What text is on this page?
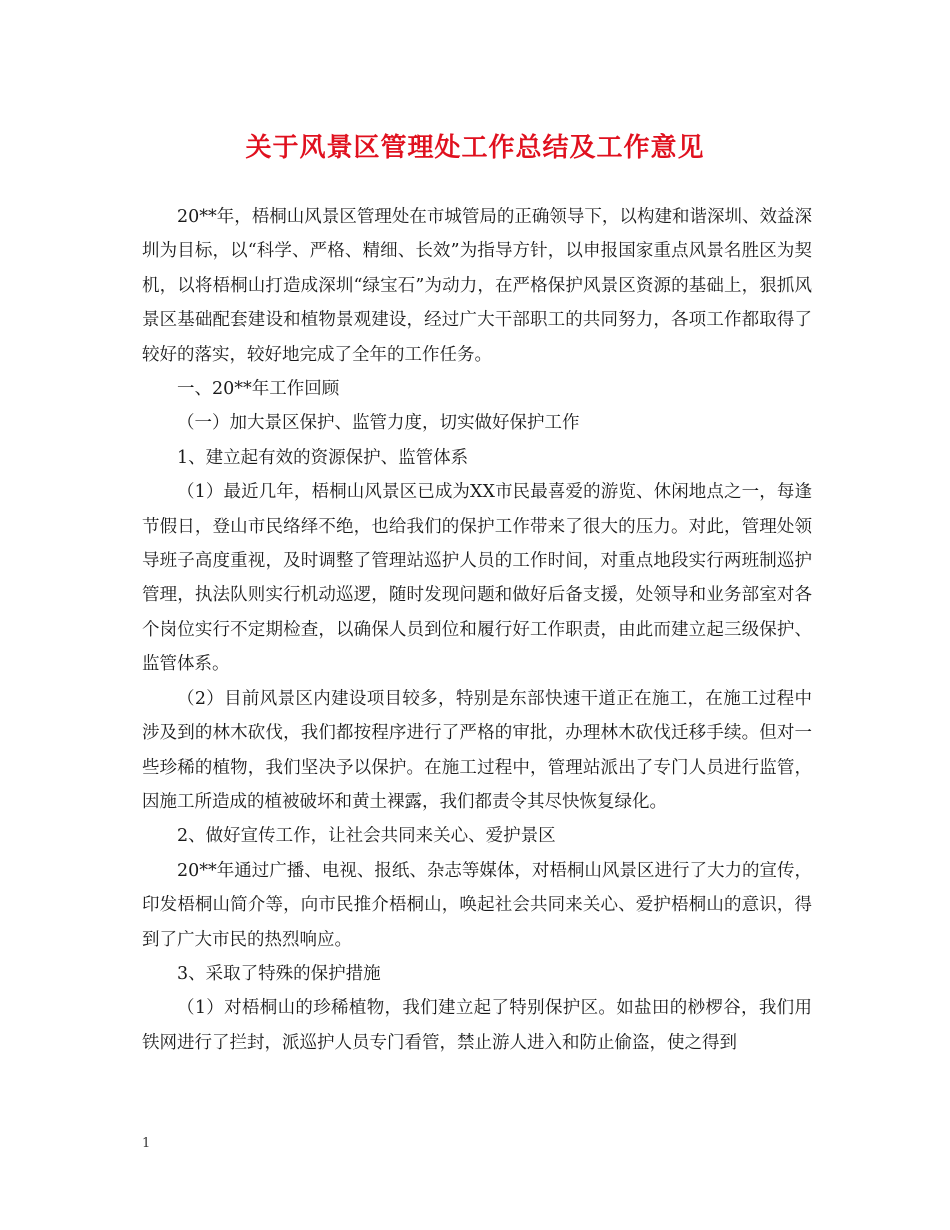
关于风景区管理处工作总结及工作意见

20**年，梧桐山风景区管理处在市城管局的正确领导下，以构建和谐深圳、效益深圳为目标，以“科学、严格、精细、长效”为指导方针，以申报国家重点风景名胜区为契机，以将梧桐山打造成深圳“绿宝石”为动力，在严格保护风景区资源的基础上，狠抓风景区基础配套建设和植物景观建设，经过广大干部职工的共同努力，各项工作都取得了较好的落实，较好地完成了全年的工作任务。

一、20**年工作回顾

（一）加大景区保护、监管力度，切实做好保护工作

1、建立起有效的资源保护、监管体系

（1）最近几年，梧桐山风景区已成为XX市民最喜爱的游览、休闲地点之一，每逢节假日，登山市民络绎不绝，也给我们的保护工作带来了很大的压力。对此，管理处领导班子高度重视，及时调整了管理站巡护人员的工作时间，对重点地段实行两班制巡护管理，执法队则实行机动巡逻，随时发现问题和做好后备支援，处领导和业务部室对各个岗位实行不定期检查，以确保人员到位和履行好工作职责，由此而建立起三级保护、监管体系。

（2）目前风景区内建设项目较多，特别是东部快速干道正在施工，在施工过程中涉及到的林木砍伐，我们都按程序进行了严格的审批，办理林木砍伐迁移手续。但对一些珍稀的植物，我们坚决予以保护。在施工过程中，管理站派出了专门人员进行监管，因施工所造成的植被破坏和黄土裸露，我们都责令其尽快恢复绿化。

2、做好宣传工作，让社会共同来关心、爱护景区

20**年通过广播、电视、报纸、杂志等媒体，对梧桐山风景区进行了大力的宣传，印发梧桐山简介等，向市民推介梧桐山，唤起社会共同来关心、爱护梧桐山的意识，得到了广大市民的热烈响应。

3、采取了特殊的保护措施

（1）对梧桐山的珍稀植物，我们建立起了特别保护区。如盐田的桫椤谷，我们用铁网进行了拦封，派巡护人员专门看管，禁止游人进入和防止偷盗，使之得到

1
